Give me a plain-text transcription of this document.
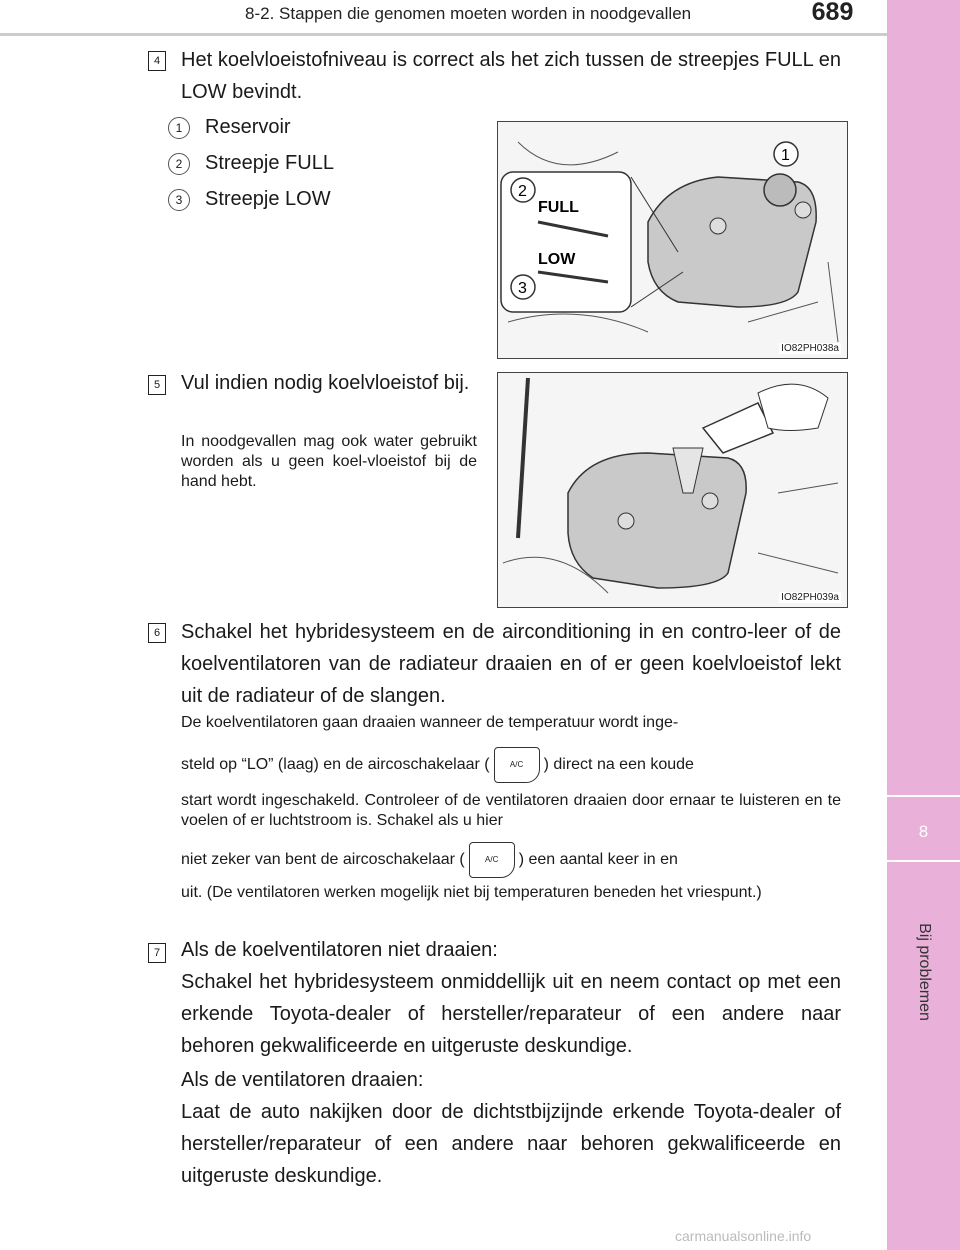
8-2. Stappen die genomen moeten worden in noodgevallen	689
8
Bij problemen
4 Het koelvloeistofniveau is correct als het zich tussen de streepjes FULL en LOW bevindt.
1	Reservoir
2	Streepje FULL
3	Streepje LOW	FULL
LOW
2
3
1
IO82PH038a
5 Vul indien nodig koelvloeistof bij.
In noodgevallen mag ook water gebruikt worden als u geen koel-vloeistof bij de hand hebt.
IO82PH039a
6 Schakel het hybridesysteem en de airconditioning in en contro-leer of de koelventilatoren van de radiateur draaien en of er geen koelvloeistof lekt uit de radiateur of de slangen.
De koelventilatoren gaan draaien wanneer de temperatuur wordt inge-
steld op “LO” (laag) en de aircoschakelaar (	A/C ) direct na een koude
start wordt ingeschakeld. Controleer of de ventilatoren draaien door ernaar te luisteren en te voelen of er luchtstroom is. Schakel als u hier
niet zeker van bent de aircoschakelaar (	A/C ) een aantal keer in en
uit. (De ventilatoren werken mogelijk niet bij temperaturen beneden het vriespunt.)
7 Als de koelventilatoren niet draaien:
Schakel het hybridesysteem onmiddellijk uit en neem contact op met een erkende Toyota-dealer of hersteller/reparateur of een andere naar behoren gekwalificeerde en uitgeruste deskundige.
Als de ventilatoren draaien:
Laat de auto nakijken door de dichtstbijzijnde erkende Toyota-dealer of hersteller/reparateur of een andere naar behoren gekwalificeerde en uitgeruste deskundige.
carmanualsonline.info
